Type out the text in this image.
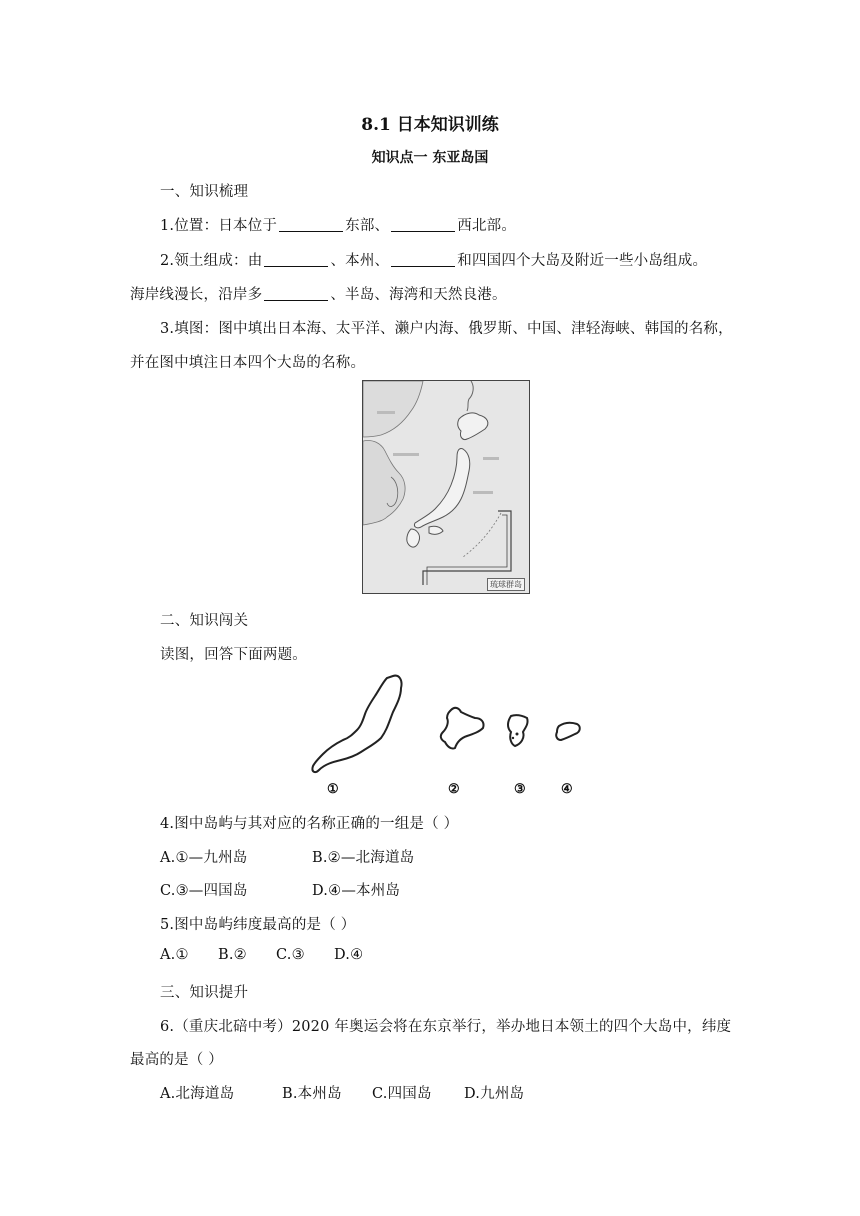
8.1 日本知识训练
知识点一 东亚岛国
一、知识梳理
1.位置：日本位于	东部、	西北部。
2.领土组成：由	、本州、	和四国四个大岛及附近一些小岛组成。
海岸线漫长，沿岸多	、半岛、海湾和天然良港。
3.填图：图中填出日本海、太平洋、濑户内海、俄罗斯、中国、津轻海峡、韩国的名称，
并在图中填注日本四个大岛的名称。
琉球群岛
二、知识闯关
读图，回答下面两题。
①	②	③	④
4.图中岛屿与其对应的名称正确的一组是（ ）
A.①—九州岛	B.②—北海道岛
C.③—四国岛	D.④—本州岛
5.图中岛屿纬度最高的是（ ）
A.① B.② C.③ D.④
三、知识提升
6.（重庆北碚中考）2020 年奥运会将在东京举行，举办地日本领土的四个大岛中，纬度
最高的是（ ）
A.北海道岛	B.本州岛 C.四国岛 D.九州岛
